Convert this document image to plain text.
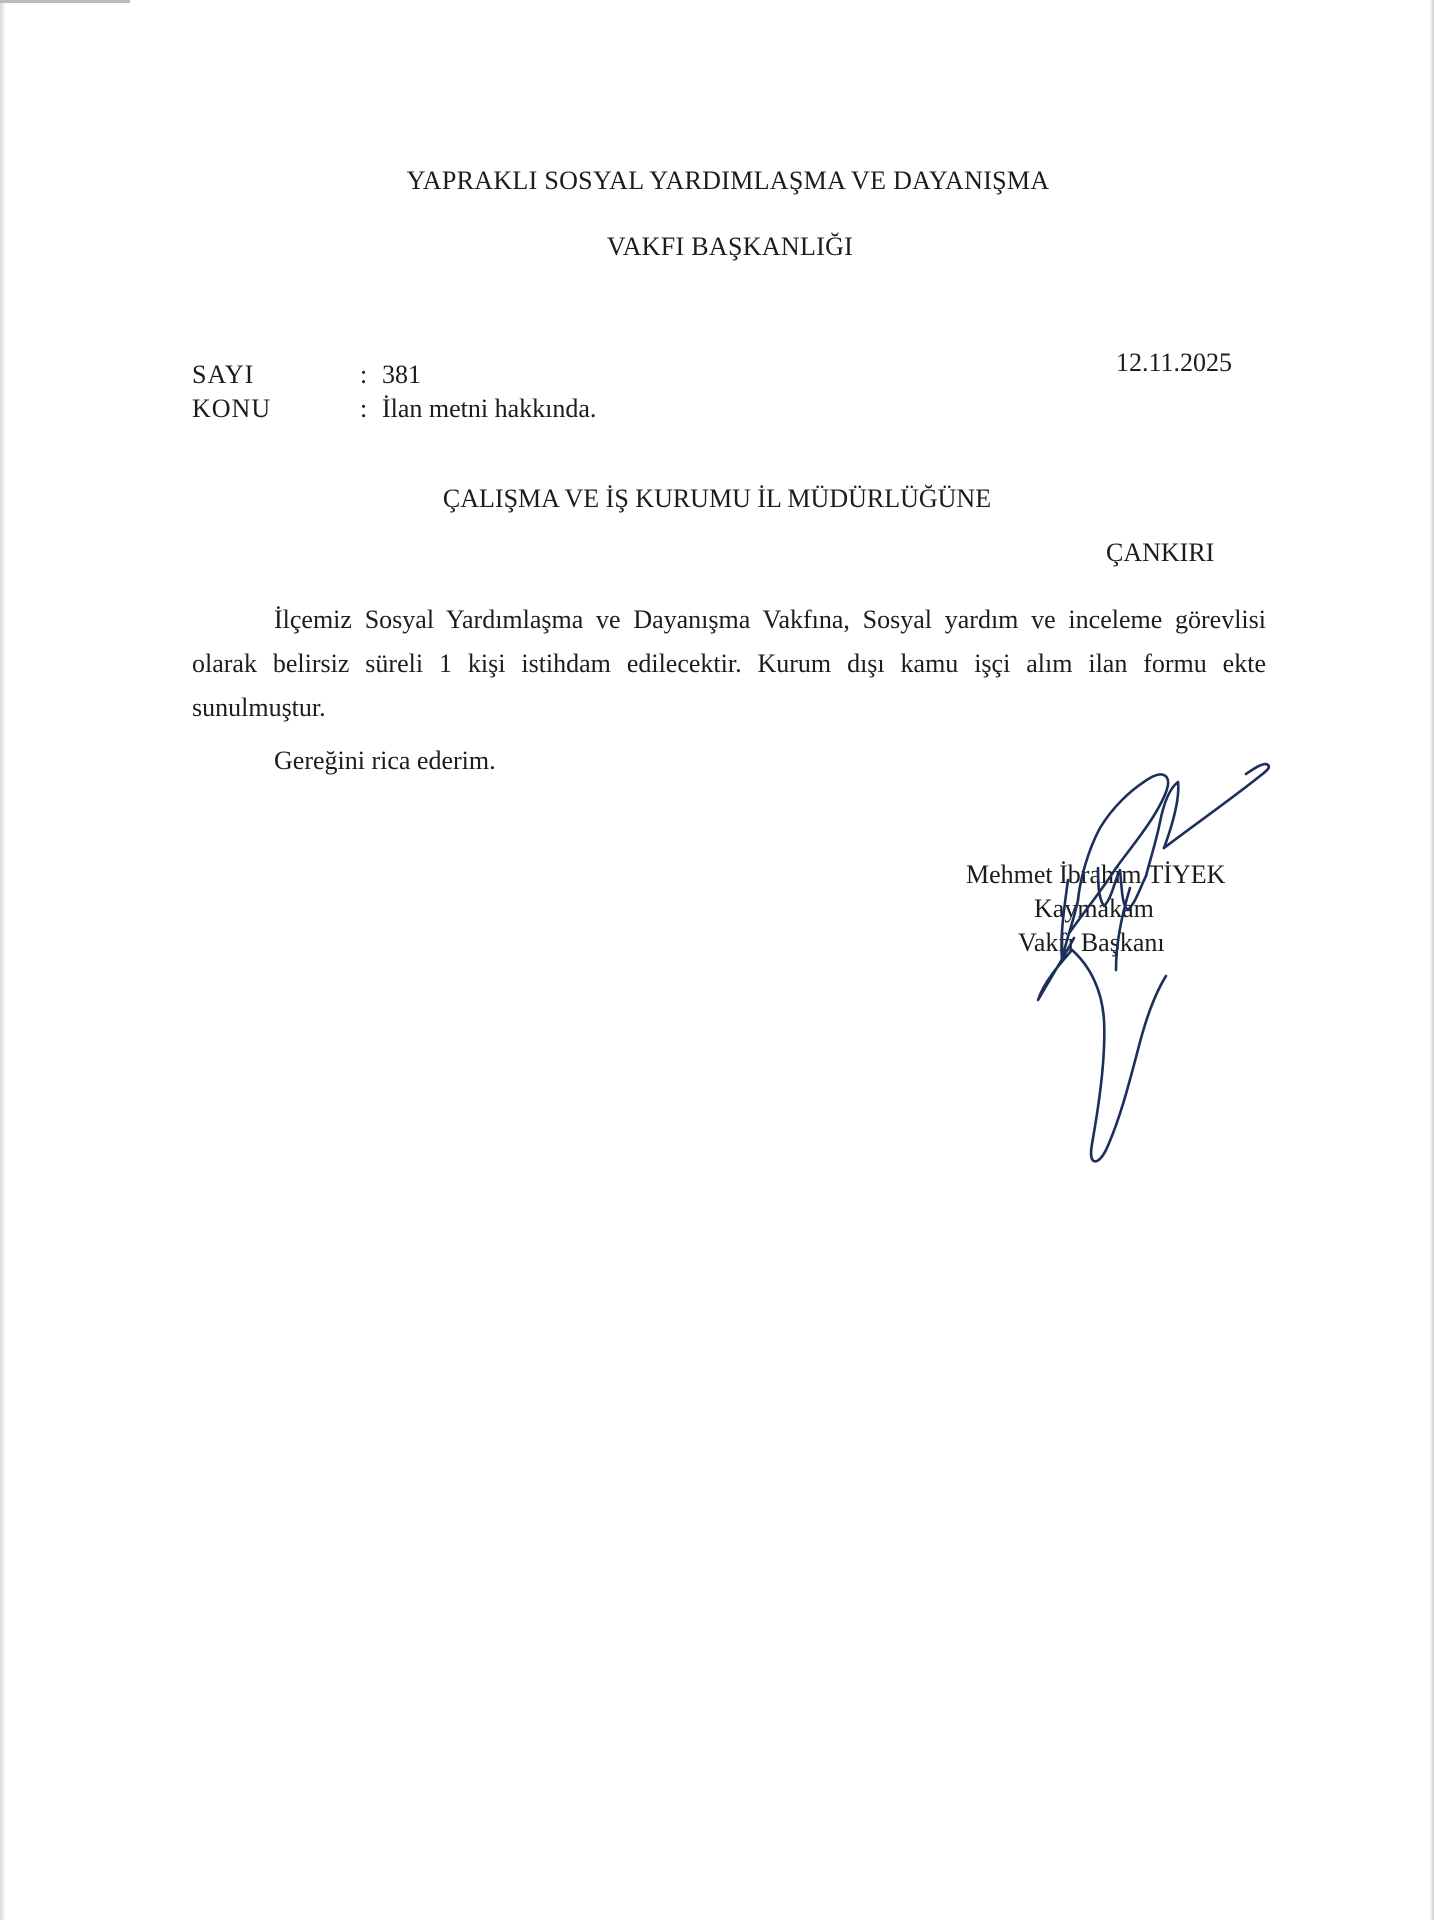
YAPRAKLI SOSYAL YARDIMLAŞMA VE DAYANIŞMA
VAKFI BAŞKANLIĞI
SAYI	: 381
KONU	: İlan metni hakkında.
12.11.2025
ÇALIŞMA VE İŞ KURUMU İL MÜDÜRLÜĞÜNE
ÇANKIRI

İlçemiz Sosyal Yardımlaşma ve Dayanışma Vakfına, Sosyal yardım ve inceleme görevlisi olarak belirsiz süreli 1 kişi istihdam edilecektir. Kurum dışı kamu işçi alım ilan formu ekte sunulmuştur.

Gereğini rica ederim.
Mehmet İbrahim TİYEK
Kaymakam
Vakfı Başkanı
